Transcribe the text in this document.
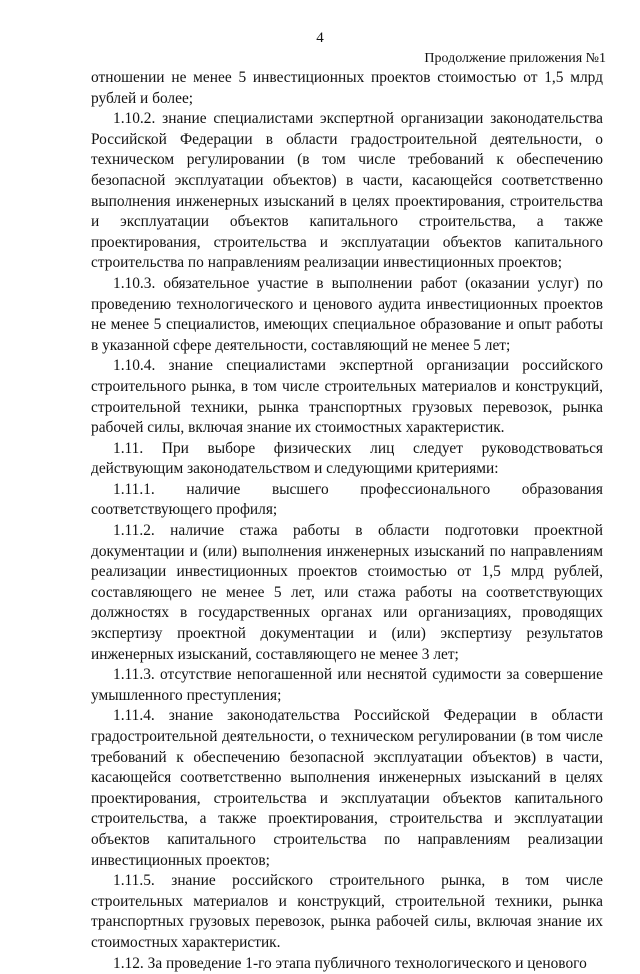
4
Продолжение приложения №1

отношении не менее 5 инвестиционных проектов стоимостью от 1,5 млрд рублей и более;

1.10.2. знание специалистами экспертной организации законодательства Российской Федерации в области градостроительной деятельности, о техническом регулировании (в том числе требований к обеспечению безопасной эксплуатации объектов) в части, касающейся соответственно выполнения инженерных изысканий в целях проектирования, строительства и эксплуатации объектов капитального строительства, а также проектирования, строительства и эксплуатации объектов капитального строительства по направлениям реализации инвестиционных проектов;

1.10.3. обязательное участие в выполнении работ (оказании услуг) по проведению технологического и ценового аудита инвестиционных проектов не менее 5 специалистов, имеющих специальное образование и опыт работы в указанной сфере деятельности, составляющий не менее 5 лет;

1.10.4. знание специалистами экспертной организации российского строительного рынка, в том числе строительных материалов и конструкций, строительной техники, рынка транспортных грузовых перевозок, рынка рабочей силы, включая знание их стоимостных характеристик.

1.11. При выборе физических лиц следует руководствоваться действующим законодательством и следующими критериями:

1.11.1. наличие высшего профессионального образования соответствующего профиля;

1.11.2. наличие стажа работы в области подготовки проектной документации и (или) выполнения инженерных изысканий по направлениям реализации инвестиционных проектов стоимостью от 1,5 млрд рублей, составляющего не менее 5 лет, или стажа работы на соответствующих должностях в государственных органах или организациях, проводящих экспертизу проектной документации и (или) экспертизу результатов инженерных изысканий, составляющего не менее 3 лет;

1.11.3. отсутствие непогашенной или неснятой судимости за совершение умышленного преступления;

1.11.4. знание законодательства Российской Федерации в области градостроительной деятельности, о техническом регулировании (в том числе требований к обеспечению безопасной эксплуатации объектов) в части, касающейся соответственно выполнения инженерных изысканий в целях проектирования, строительства и эксплуатации объектов капитального строительства, а также проектирования, строительства и эксплуатации объектов капитального строительства по направлениям реализации инвестиционных проектов;

1.11.5. знание российского строительного рынка, в том числе строительных материалов и конструкций, строительной техники, рынка транспортных грузовых перевозок, рынка рабочей силы, включая знание их стоимостных характеристик.

1.12. За проведение 1-го этапа публичного технологического и ценового
